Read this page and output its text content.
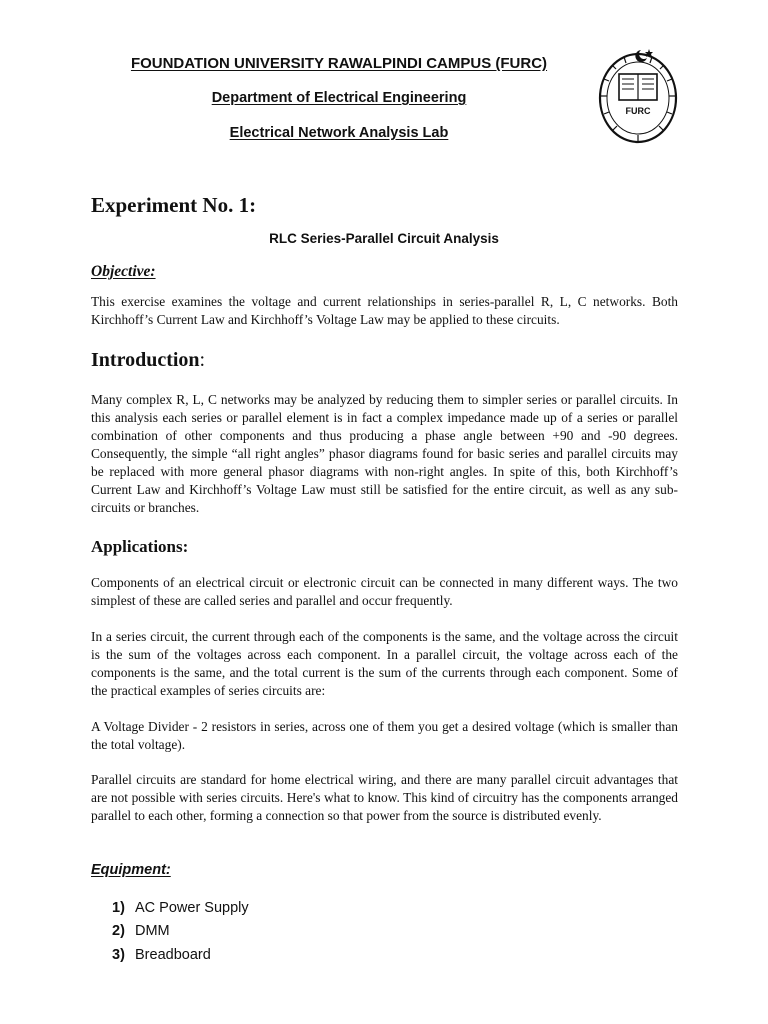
FOUNDATION UNIVERSITY RAWALPINDI CAMPUS (FURC)

Department of Electrical Engineering

Electrical Network Analysis Lab

FURC
Experiment No. 1:

RLC Series-Parallel Circuit Analysis

Objective:

This exercise examines the voltage and current relationships in series-parallel R, L, C networks. Both Kirchhoff’s Current Law and Kirchhoff’s Voltage Law may be applied to these circuits.

Introduction:

Many complex R, L, C networks may be analyzed by reducing them to simpler series or parallel circuits. In this analysis each series or parallel element is in fact a complex impedance made up of a series or parallel combination of other components and thus producing a phase angle between +90 and -90 degrees. Consequently, the simple “all right angles” phasor diagrams found for basic series and parallel circuits may be replaced with more general phasor diagrams with non-right angles. In spite of this, both Kirchhoff’s Current Law and Kirchhoff’s Voltage Law must still be satisfied for the entire circuit, as well as any sub-circuits or branches.

Applications:

Components of an electrical circuit or electronic circuit can be connected in many different ways. The two simplest of these are called series and parallel and occur frequently.

In a series circuit, the current through each of the components is the same, and the voltage across the circuit is the sum of the voltages across each component. In a parallel circuit, the voltage across each of the components is the same, and the total current is the sum of the currents through each component. Some of the practical examples of series circuits are:

A Voltage Divider - 2 resistors in series, across one of them you get a desired voltage (which is smaller than the total voltage).

Parallel circuits are standard for home electrical wiring, and there are many parallel circuit advantages that are not possible with series circuits. Here's what to know. This kind of circuitry has the components arranged parallel to each other, forming a connection so that power from the source is distributed evenly.

Equipment:
1) AC Power Supply
2) DMM
3) Breadboard
